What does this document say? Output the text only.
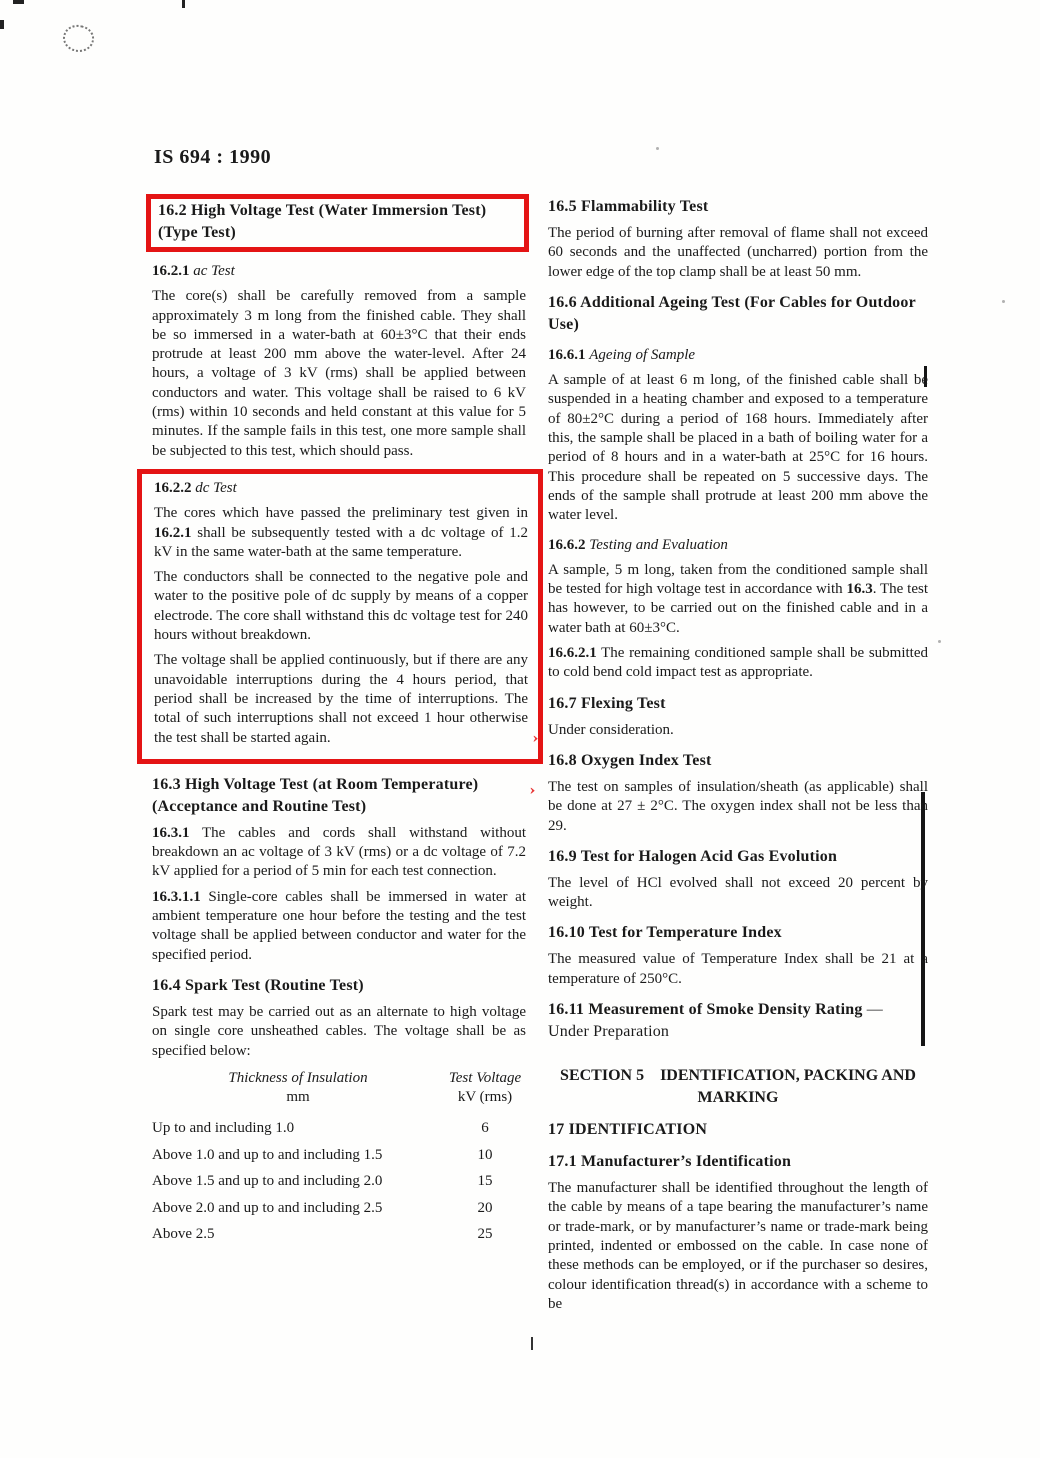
›
›
IS 694 : 1990
16.2 High Voltage Test (Water Immersion Test) (Type Test)
16.2.1 ac Test

The core(s) shall be carefully removed from a sample approximately 3 m long from the finished cable. They shall be so immersed in a water-bath at 60±3°C that their ends protrude at least 200 mm above the water-level. After 24 hours, a voltage of 3 kV (rms) shall be applied between conductors and water. This voltage shall be raised to 6 kV (rms) within 10 seconds and held constant at this value for 5 minutes. If the sample fails in this test, one more sample shall be subjected to this test, which should pass.

16.2.2 dc Test

The cores which have passed the preliminary test given in 16.2.1 shall be subsequently tested with a dc voltage of 1.2 kV in the same water-bath at the same temperature.

The conductors shall be connected to the negative pole and water to the positive pole of dc supply by means of a copper electrode. The core shall withstand this dc voltage test for 240 hours without breakdown.

The voltage shall be applied continuously, but if there are any unavoidable interruptions during the 4 hours period, that period shall be increased by the time of interruptions. The total of such interruptions shall not exceed 1 hour otherwise the test shall be started again.

16.3 High Voltage Test (at Room Temperature) (Acceptance and Routine Test)

16.3.1 The cables and cords shall withstand without breakdown an ac voltage of 3 kV (rms) or a dc voltage of 7.2 kV applied for a period of 5 min for each test connection.

16.3.1.1 Single-core cables shall be immersed in water at ambient temperature one hour before the testing and the test voltage shall be applied between conductor and water for the specified period.

16.4 Spark Test (Routine Test)

Spark test may be carried out as an alternate to high voltage on single core unsheathed cables. The voltage shall be as specified below:

Thickness of Insulation
mm
Test Voltage
kV (rms)
Up to and including 1.0	6
Above 1.0 and up to and including 1.5	10
Above 1.5 and up to and including 2.0	15
Above 2.0 and up to and including 2.5	20
Above 2.5	25
16.5 Flammability Test

The period of burning after removal of flame shall not exceed 60 seconds and the unaffected (uncharred) portion from the lower edge of the top clamp shall be at least 50 mm.

16.6 Additional Ageing Test (For Cables for Outdoor Use)
16.6.1 Ageing of Sample

A sample of at least 6 m long, of the finished cable shall be suspended in a heating chamber and exposed to a temperature of 80±2°C during a period of 168 hours. Immediately after this, the sample shall be placed in a bath of boiling water for a period of 8 hours and in a water-bath at 25°C for 16 hours. This procedure shall be repeated on 5 successive days. The ends of the sample shall protrude at least 200 mm above the water level.

16.6.2 Testing and Evaluation

A sample, 5 m long, taken from the conditioned sample shall be tested for high voltage test in accordance with 16.3. The test has however, to be carried out on the finished cable and in a water bath at 60±3°C.

16.6.2.1 The remaining conditioned sample shall be submitted to cold bend cold impact test as appropriate.

16.7 Flexing Test

Under consideration.

16.8 Oxygen Index Test

The test on samples of insulation/sheath (as applicable) shall be done at 27 ± 2°C. The oxygen index shall not be less than 29.

16.9 Test for Halogen Acid Gas Evolution

The level of HCl evolved shall not exceed 20 percent by weight.

16.10 Test for Temperature Index

The measured value of Temperature Index shall be 21 at a temperature of 250°C.

16.11 Measurement of Smoke Density Rating — Under Preparation
SECTION 5 IDENTIFICATION, PACKING AND MARKING
17 IDENTIFICATION
17.1 Manufacturer’s Identification

The manufacturer shall be identified throughout the length of the cable by means of a tape bearing the manufacturer’s name or trade-mark, or by manufacturer’s name or trade-mark being printed, indented or embossed on the cable. In case none of these methods can be employed, or if the purchaser so desires, colour identification thread(s) in accordance with a scheme to be
